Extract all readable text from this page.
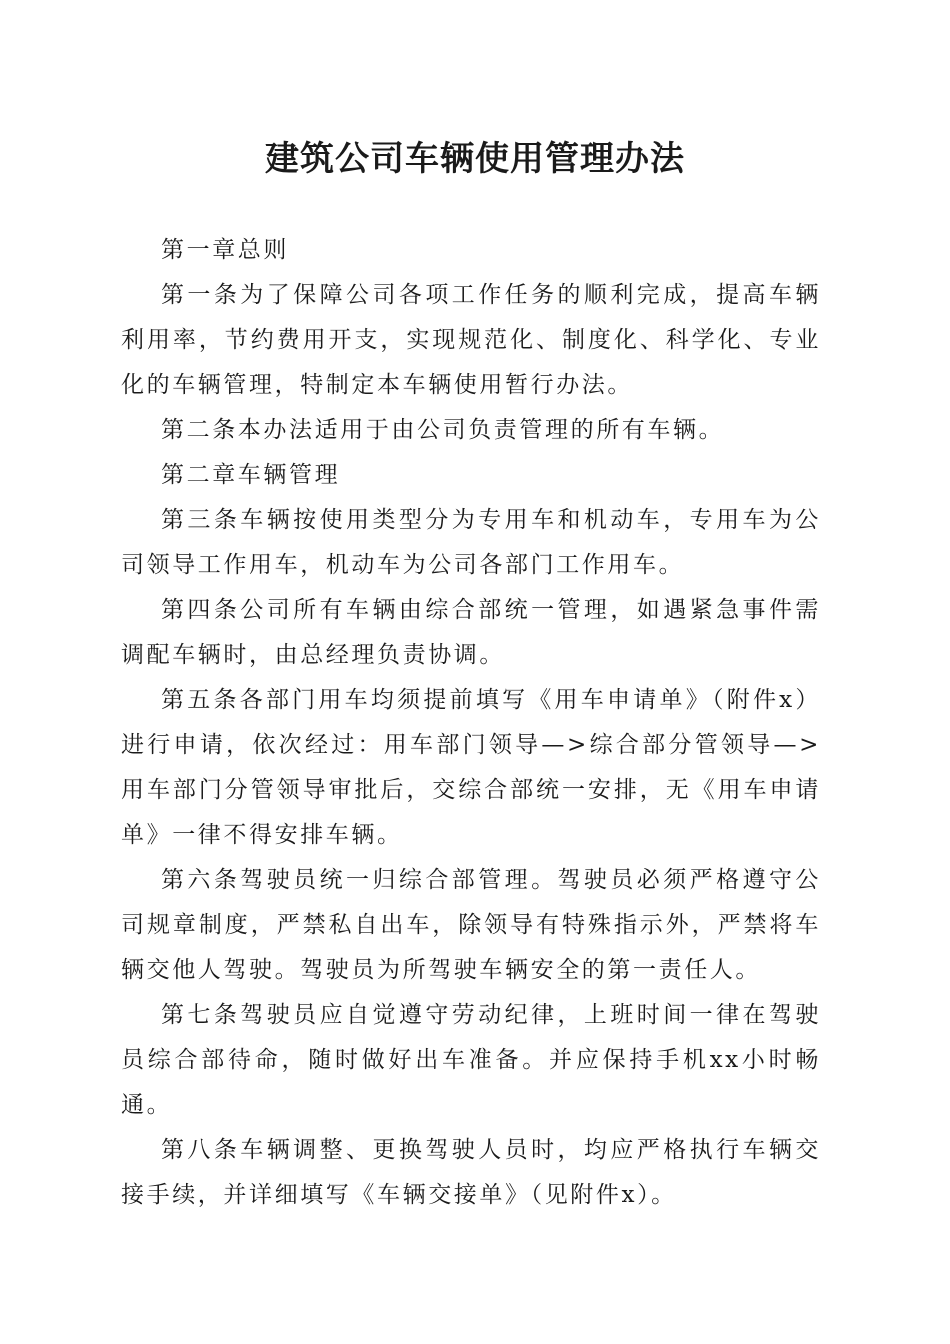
建筑公司车辆使用管理办法

第一章总则

第一条为了保障公司各项工作任务的顺利完成，提高车辆利用率，节约费用开支，实现规范化、制度化、科学化、专业化的车辆管理，特制定本车辆使用暂行办法。

第二条本办法适用于由公司负责管理的所有车辆。

第二章车辆管理

第三条车辆按使用类型分为专用车和机动车，专用车为公司领导工作用车，机动车为公司各部门工作用车。

第四条公司所有车辆由综合部统一管理，如遇紧急事件需调配车辆时，由总经理负责协调。

第五条各部门用车均须提前填写《用车申请单》（附件x）进行申请，依次经过：用车部门领导—>综合部分管领导—>用车部门分管领导审批后，交综合部统一安排，无《用车申请单》一律不得安排车辆。

第六条驾驶员统一归综合部管理。驾驶员必须严格遵守公司规章制度，严禁私自出车，除领导有特殊指示外，严禁将车辆交他人驾驶。驾驶员为所驾驶车辆安全的第一责任人。

第七条驾驶员应自觉遵守劳动纪律，上班时间一律在驾驶员综合部待命，随时做好出车准备。并应保持手机xx小时畅通。

第八条车辆调整、更换驾驶人员时，均应严格执行车辆交接手续，并详细填写《车辆交接单》（见附件x）。
